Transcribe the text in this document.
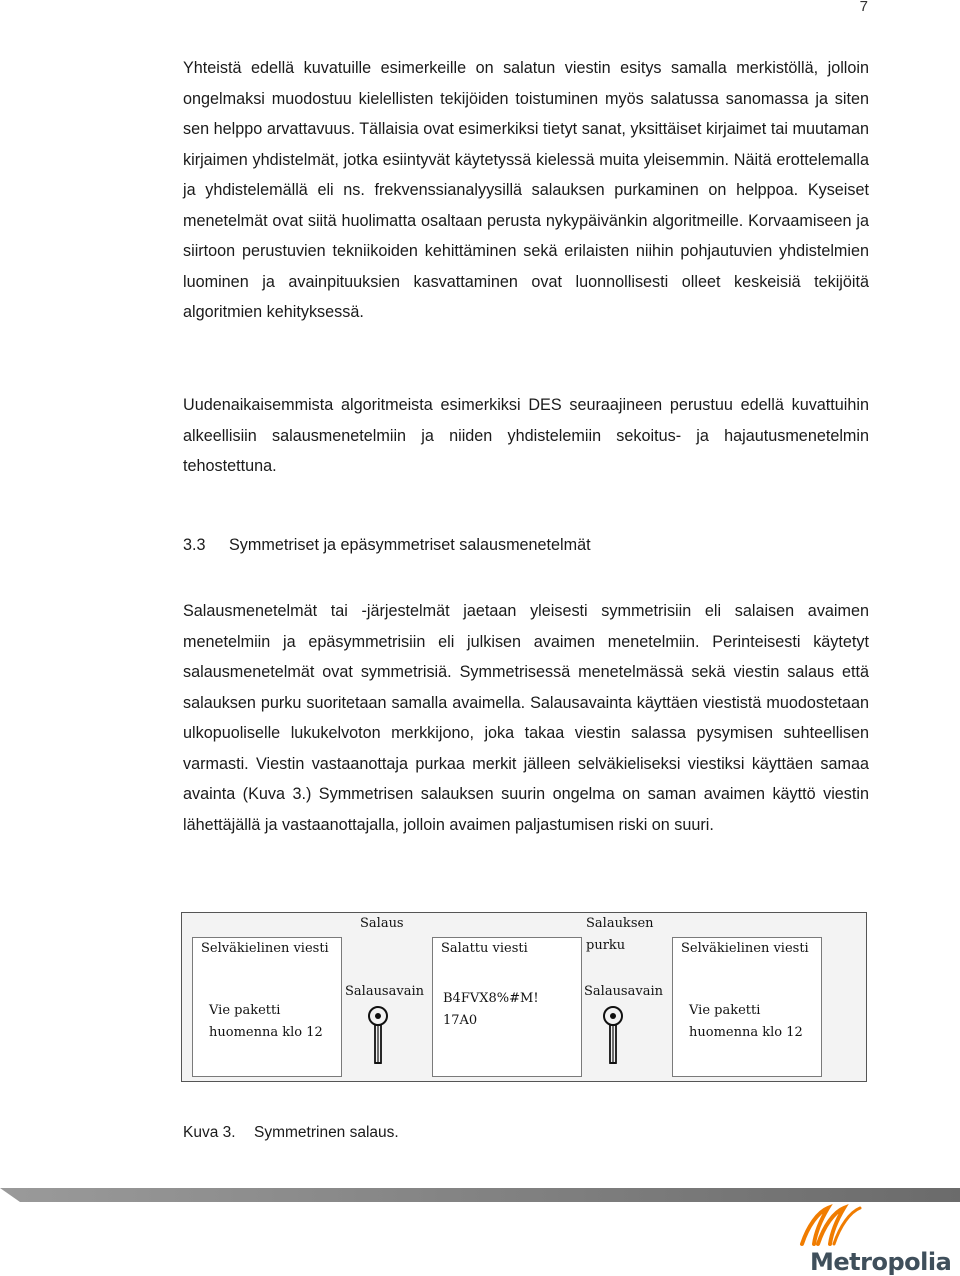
7

Yhteistä edellä kuvatuille esimerkeille on salatun viestin esitys samalla merkistöllä, jolloin ongelmaksi muodostuu kielellisten tekijöiden toistuminen myös salatussa sanomassa ja siten sen helppo arvattavuus. Tällaisia ovat esimerkiksi tietyt sanat, yksittäiset kirjaimet tai muutaman kirjaimen yhdistelmät, jotka esiintyvät käytetyssä kielessä muita yleisemmin. Näitä erottelemalla ja yhdistelemällä eli ns. frekvenssianalyysillä salauksen purkaminen on helppoa. Kyseiset menetelmät ovat siitä huolimatta osaltaan perusta nykypäivänkin algoritmeille. Korvaamiseen ja siirtoon perustuvien tekniikoiden kehittäminen sekä erilaisten niihin pohjautuvien yhdistelmien luominen ja avainpituuksien kasvattaminen ovat luonnollisesti olleet keskeisiä tekijöitä algoritmien kehityksessä.

Uudenaikaisemmista algoritmeista esimerkiksi DES seuraajineen perustuu edellä kuvattuihin alkeellisiin salausmenetelmiin ja niiden yhdistelemiin sekoitus- ja hajautusmenetelmin tehostettuna.

3.3 Symmetriset ja epäsymmetriset salausmenetelmät

Salausmenetelmät tai -järjestelmät jaetaan yleisesti symmetrisiin eli salaisen avaimen menetelmiin ja epäsymmetrisiin eli julkisen avaimen menetelmiin. Perinteisesti käytetyt salausmenetelmät ovat symmetrisiä. Symmetrisessä menetelmässä sekä viestin salaus että salauksen purku suoritetaan samalla avaimella. Salausavainta käyttäen viestistä muodostetaan ulkopuoliselle lukukelvoton merkkijono, joka takaa viestin salassa pysymisen suhteellisen varmasti. Viestin vastaanottaja purkaa merkit jälleen selväkieliseksi viestiksi käyttäen samaa avainta (Kuva 3.) Symmetrisen salauksen suurin ongelma on saman avaimen käyttö viestin lähettäjällä ja vastaanottajalla, jolloin avaimen paljastumisen riski on suuri.

Salaus	Salauksen
purku
Selväkielinen viesti
Vie paketti
huomenna klo 12
Salausavain
Salattu viesti
B4FVX8%#M!
17A0
Salausavain
Selväkielinen viesti
Vie paketti
huomenna klo 12
Kuva 3. Symmetrinen salaus.
Metropolia
